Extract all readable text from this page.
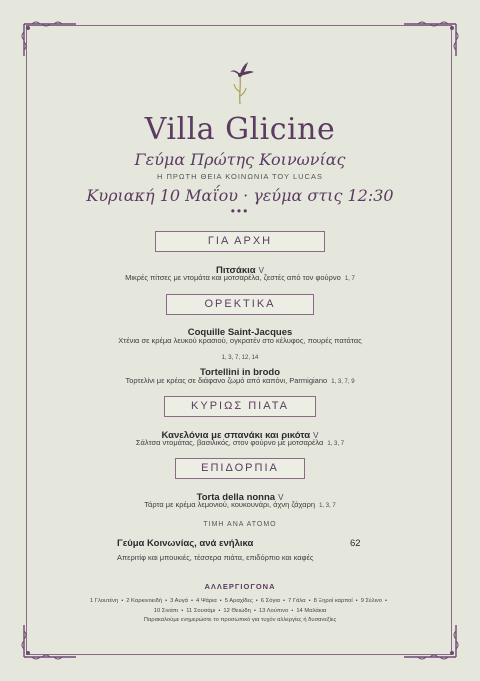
Villa Glicine
Γεύμα Πρώτης Κοινωνίας
Η ΠΡΩΤΗ ΘΕΙΑ ΚΟΙΝΩΝΙΑ ΤΟΥ LUCAS
Κυριακή 10 Μαΐου · γεύμα στις 12:30
•••
ΓΙΑ ΑΡΧΗ
Πιτσάκια V
Μικρές πίτσες με ντομάτα και μοτσαρέλα, ζεστές από τον φούρνο 1, 7
ΟΡΕΚΤΙΚΑ
Coquille Saint-Jacques
Χτένια σε κρέμα λευκού κρασιού, ογκρατέν στο κέλυφος, πουρές πατάτας
1, 3, 7, 12, 14
Tortellini in brodo
Τορτελίνι με κρέας σε διάφανο ζωμό από καπόνι, Parmigiano 1, 3, 7, 9
ΚΥΡΙΩΣ ΠΙΑΤΑ
Κανελόνια με σπανάκι και ρικότα V
Σάλτσα ντομάτας, βασιλικός, στον φούρνο με μοτσαρέλα 1, 3, 7
ΕΠΙΔΟΡΠΙΑ
Torta della nonna V
Τάρτα με κρέμα λεμονιού, κουκουνάρι, άχνη ζάχαρη 1, 3, 7
ΤΙΜΗ ΑΝΑ ΑΤΟΜΟ
Γεύμα Κοινωνίας, ανά ενήλικα	62
Απεριτίφ και μπουκιές, τέσσερα πιάτα, επιδόρπιο και καφές
ΑΛΛΕΡΓΙΟΓΟΝΑ
1 Γλουτένη • 2 Καρκινοειδή • 3 Αυγά • 4 Ψάρια • 5 Αραχίδες • 6 Σόγια • 7 Γάλα • 8 Ξηροί καρποί • 9 Σέλινο •
10 Σινάπι • 11 Σουσάμι • 12 Θειώδη • 13 Λούπινο • 14 Μαλάκια
Παρακαλούμε ενημερώστε το προσωπικό για τυχόν αλλεργίες ή δυσανεξίες
